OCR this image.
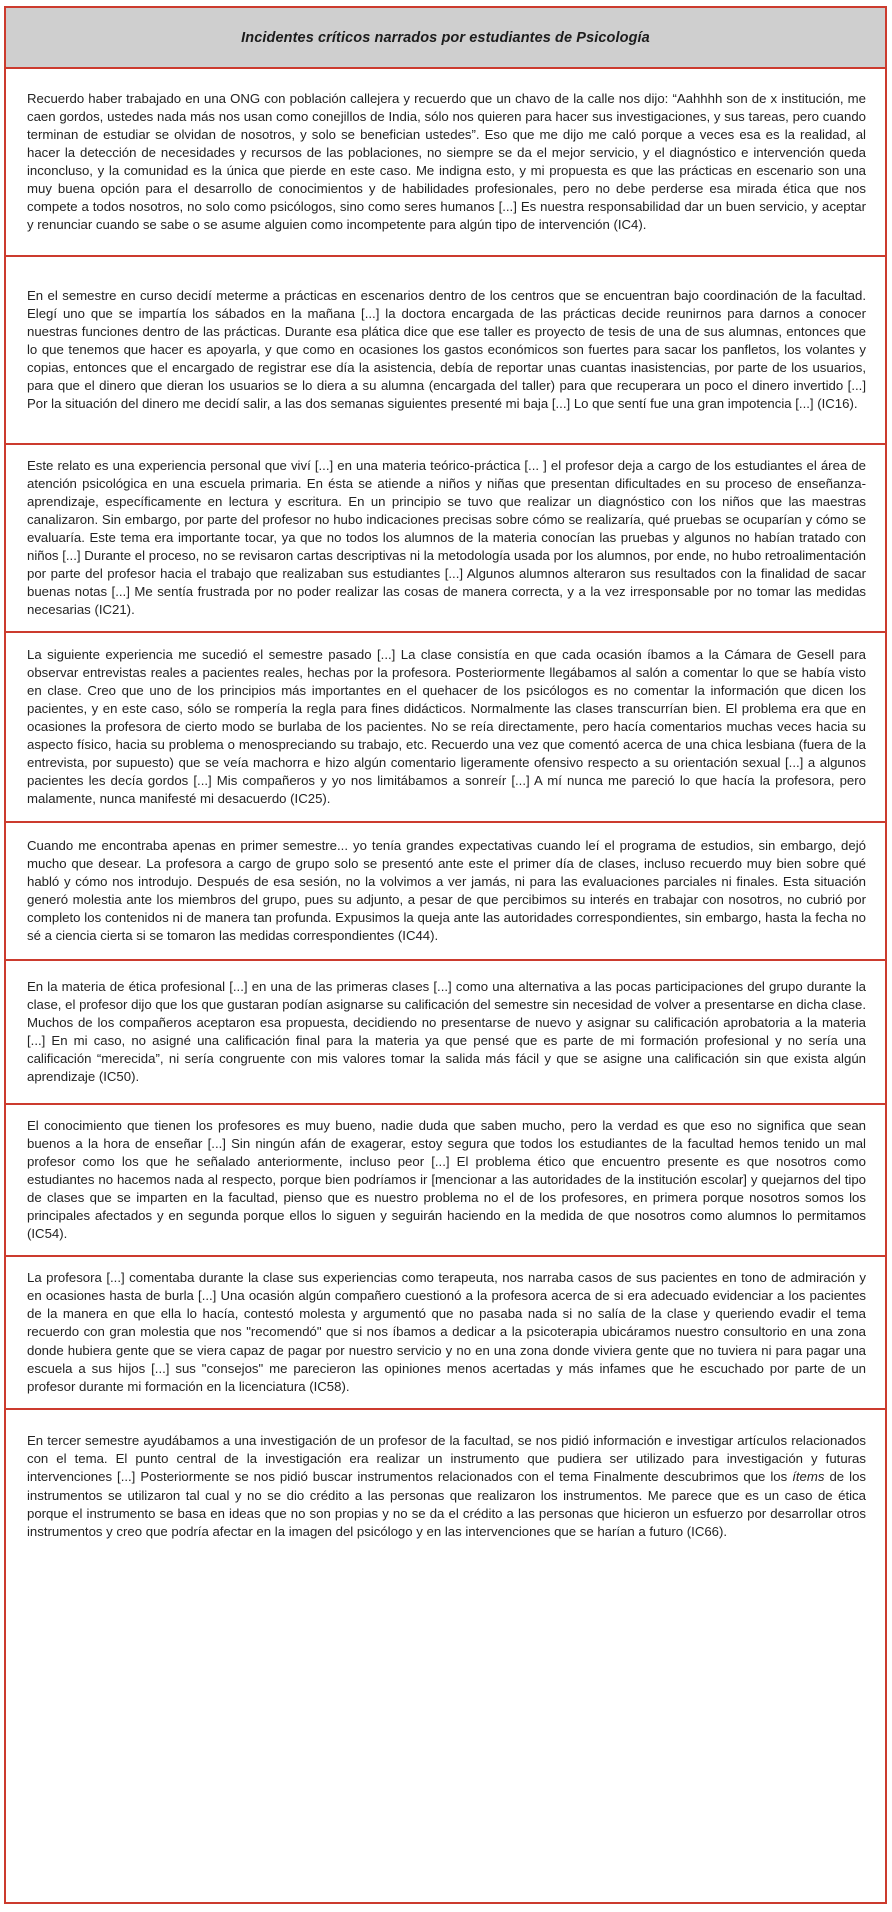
Incidentes críticos narrados por estudiantes de Psicología

Recuerdo haber trabajado en una ONG con población callejera y recuerdo que un chavo de la calle nos dijo: “Aahhhh son de x institución, me caen gordos, ustedes nada más nos usan como conejillos de India, sólo nos quieren para hacer sus investigaciones, y sus tareas, pero cuando terminan de estudiar se olvidan de nosotros, y solo se benefician ustedes”. Eso que me dijo me caló porque a veces esa es la realidad, al hacer la detección de necesidades y recursos de las poblaciones, no siempre se da el mejor servicio, y el diagnóstico e intervención queda inconcluso, y la comunidad es la única que pierde en este caso. Me indigna esto, y mi propuesta es que las prácticas en escenario son una muy buena opción para el desarrollo de conocimientos y de habilidades profesionales, pero no debe perderse esa mirada ética que nos compete a todos nosotros, no solo como psicólogos, sino como seres humanos [...] Es nuestra responsabilidad dar un buen servicio, y aceptar y renunciar cuando se sabe o se asume alguien como incompetente para algún tipo de intervención (IC4).

En el semestre en curso decidí meterme a prácticas en escenarios dentro de los centros que se encuentran bajo coordinación de la facultad. Elegí uno que se impartía los sábados en la mañana [...] la doctora encargada de las prácticas decide reunirnos para darnos a conocer nuestras funciones dentro de las prácticas. Durante esa plática dice que ese taller es proyecto de tesis de una de sus alumnas, entonces que lo que tenemos que hacer es apoyarla, y que como en ocasiones los gastos económicos son fuertes para sacar los panfletos, los volantes y copias, entonces que el encargado de registrar ese día la asistencia, debía de reportar unas cuantas inasistencias, por parte de los usuarios, para que el dinero que dieran los usuarios se lo diera a su alumna (encargada del taller) para que recuperara un poco el dinero invertido [...] Por la situación del dinero me decidí salir, a las dos semanas siguientes presenté mi baja [...] Lo que sentí fue una gran impotencia [...] (IC16).

Este relato es una experiencia personal que viví [...] en una materia teórico-práctica [... ] el profesor deja a cargo de los estudiantes el área de atención psicológica en una escuela primaria. En ésta se atiende a niños y niñas que presentan dificultades en su proceso de enseñanza-aprendizaje, específicamente en lectura y escritura. En un principio se tuvo que realizar un diagnóstico con los niños que las maestras canalizaron. Sin embargo, por parte del profesor no hubo indicaciones precisas sobre cómo se realizaría, qué pruebas se ocuparían y cómo se evaluaría. Este tema era importante tocar, ya que no todos los alumnos de la materia conocían las pruebas y algunos no habían tratado con niños [...] Durante el proceso, no se revisaron cartas descriptivas ni la metodología usada por los alumnos, por ende, no hubo retroalimentación por parte del profesor hacia el trabajo que realizaban sus estudiantes [...] Algunos alumnos alteraron sus resultados con la finalidad de sacar buenas notas [...] Me sentía frustrada por no poder realizar las cosas de manera correcta, y a la vez irresponsable por no tomar las medidas necesarias (IC21).

La siguiente experiencia me sucedió el semestre pasado [...] La clase consistía en que cada ocasión íbamos a la Cámara de Gesell para observar entrevistas reales a pacientes reales, hechas por la profesora. Posteriormente llegábamos al salón a comentar lo que se había visto en clase. Creo que uno de los principios más importantes en el quehacer de los psicólogos es no comentar la información que dicen los pacientes, y en este caso, sólo se rompería la regla para fines didácticos. Normalmente las clases transcurrían bien. El problema era que en ocasiones la profesora de cierto modo se burlaba de los pacientes. No se reía directamente, pero hacía comentarios muchas veces hacia su aspecto físico, hacia su problema o menospreciando su trabajo, etc. Recuerdo una vez que comentó acerca de una chica lesbiana (fuera de la entrevista, por supuesto) que se veía machorra e hizo algún comentario ligeramente ofensivo respecto a su orientación sexual [...] a algunos pacientes les decía gordos [...] Mis compañeros y yo nos limitábamos a sonreír [...] A mí nunca me pareció lo que hacía la profesora, pero malamente, nunca manifesté mi desacuerdo (IC25).

Cuando me encontraba apenas en primer semestre... yo tenía grandes expectativas cuando leí el programa de estudios, sin embargo, dejó mucho que desear. La profesora a cargo de grupo solo se presentó ante este el primer día de clases, incluso recuerdo muy bien sobre qué habló y cómo nos introdujo. Después de esa sesión, no la volvimos a ver jamás, ni para las evaluaciones parciales ni finales. Esta situación generó molestia ante los miembros del grupo, pues su adjunto, a pesar de que percibimos su interés en trabajar con nosotros, no cubrió por completo los contenidos ni de manera tan profunda. Expusimos la queja ante las autoridades correspondientes, sin embargo, hasta la fecha no sé a ciencia cierta si se tomaron las medidas correspondientes (IC44).

En la materia de ética profesional [...] en una de las primeras clases [...] como una alternativa a las pocas participaciones del grupo durante la clase, el profesor dijo que los que gustaran podían asignarse su calificación del semestre sin necesidad de volver a presentarse en dicha clase. Muchos de los compañeros aceptaron esa propuesta, decidiendo no presentarse de nuevo y asignar su calificación aprobatoria a la materia [...] En mi caso, no asigné una calificación final para la materia ya que pensé que es parte de mi formación profesional y no sería una calificación “merecida”, ni sería congruente con mis valores tomar la salida más fácil y que se asigne una calificación sin que exista algún aprendizaje (IC50).

El conocimiento que tienen los profesores es muy bueno, nadie duda que saben mucho, pero la verdad es que eso no significa que sean buenos a la hora de enseñar [...] Sin ningún afán de exagerar, estoy segura que todos los estudiantes de la facultad hemos tenido un mal profesor como los que he señalado anteriormente, incluso peor [...] El problema ético que encuentro presente es que nosotros como estudiantes no hacemos nada al respecto, porque bien podríamos ir [mencionar a las autoridades de la institución escolar] y quejarnos del tipo de clases que se imparten en la facultad, pienso que es nuestro problema no el de los profesores, en primera porque nosotros somos los principales afectados y en segunda porque ellos lo siguen y seguirán haciendo en la medida de que nosotros como alumnos lo permitamos (IC54).

La profesora [...] comentaba durante la clase sus experiencias como terapeuta, nos narraba casos de sus pacientes en tono de admiración y en ocasiones hasta de burla [...] Una ocasión algún compañero cuestionó a la profesora acerca de si era adecuado evidenciar a los pacientes de la manera en que ella lo hacía, contestó molesta y argumentó que no pasaba nada si no salía de la clase y queriendo evadir el tema recuerdo con gran molestia que nos "recomendó" que si nos íbamos a dedicar a la psicoterapia ubicáramos nuestro consultorio en una zona donde hubiera gente que se viera capaz de pagar por nuestro servicio y no en una zona donde viviera gente que no tuviera ni para pagar una escuela a sus hijos [...] sus "consejos" me parecieron las opiniones menos acertadas y más infames que he escuchado por parte de un profesor durante mi formación en la licenciatura (IC58).

En tercer semestre ayudábamos a una investigación de un profesor de la facultad, se nos pidió información e investigar artículos relacionados con el tema. El punto central de la investigación era realizar un instrumento que pudiera ser utilizado para investigación y futuras intervenciones [...] Posteriormente se nos pidió buscar instrumentos relacionados con el tema Finalmente descubrimos que los ítems de los instrumentos se utilizaron tal cual y no se dio crédito a las personas que realizaron los instrumentos. Me parece que es un caso de ética porque el instrumento se basa en ideas que no son propias y no se da el crédito a las personas que hicieron un esfuerzo por desarrollar otros instrumentos y creo que podría afectar en la imagen del psicólogo y en las intervenciones que se harían a futuro (IC66).
